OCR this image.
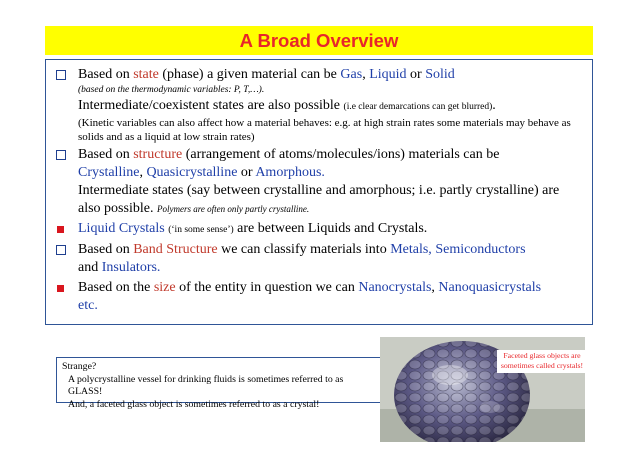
A Broad Overview
Based on state (phase) a given material can be Gas, Liquid or Solid
(based on the thermodynamic variables: P, T,…).
Intermediate/coexistent states are also possible (i.e clear demarcations can get blurred).
(Kinetic variables can also affect how a material behaves: e.g. at high strain rates some materials may behave as solids and as a liquid at low strain rates)
Based on structure (arrangement of atoms/molecules/ions) materials can be
Crystalline, Quasicrystalline or Amorphous.
Intermediate states (say between crystalline and amorphous; i.e. partly crystalline) are also possible. Polymers are often only partly crystalline.
Liquid Crystals (‘in some sense’) are between Liquids and Crystals.
Based on Band Structure we can classify materials into Metals, Semiconductors
and Insulators.
Based on the size of the entity in question we can Nanocrystals, Nanoquasicrystals
etc.
Strange?
A polycrystalline vessel for drinking fluids is sometimes referred to as GLASS!
And, a faceted glass object is sometimes referred to as a crystal!
Faceted glass objects are sometimes called crystals!
